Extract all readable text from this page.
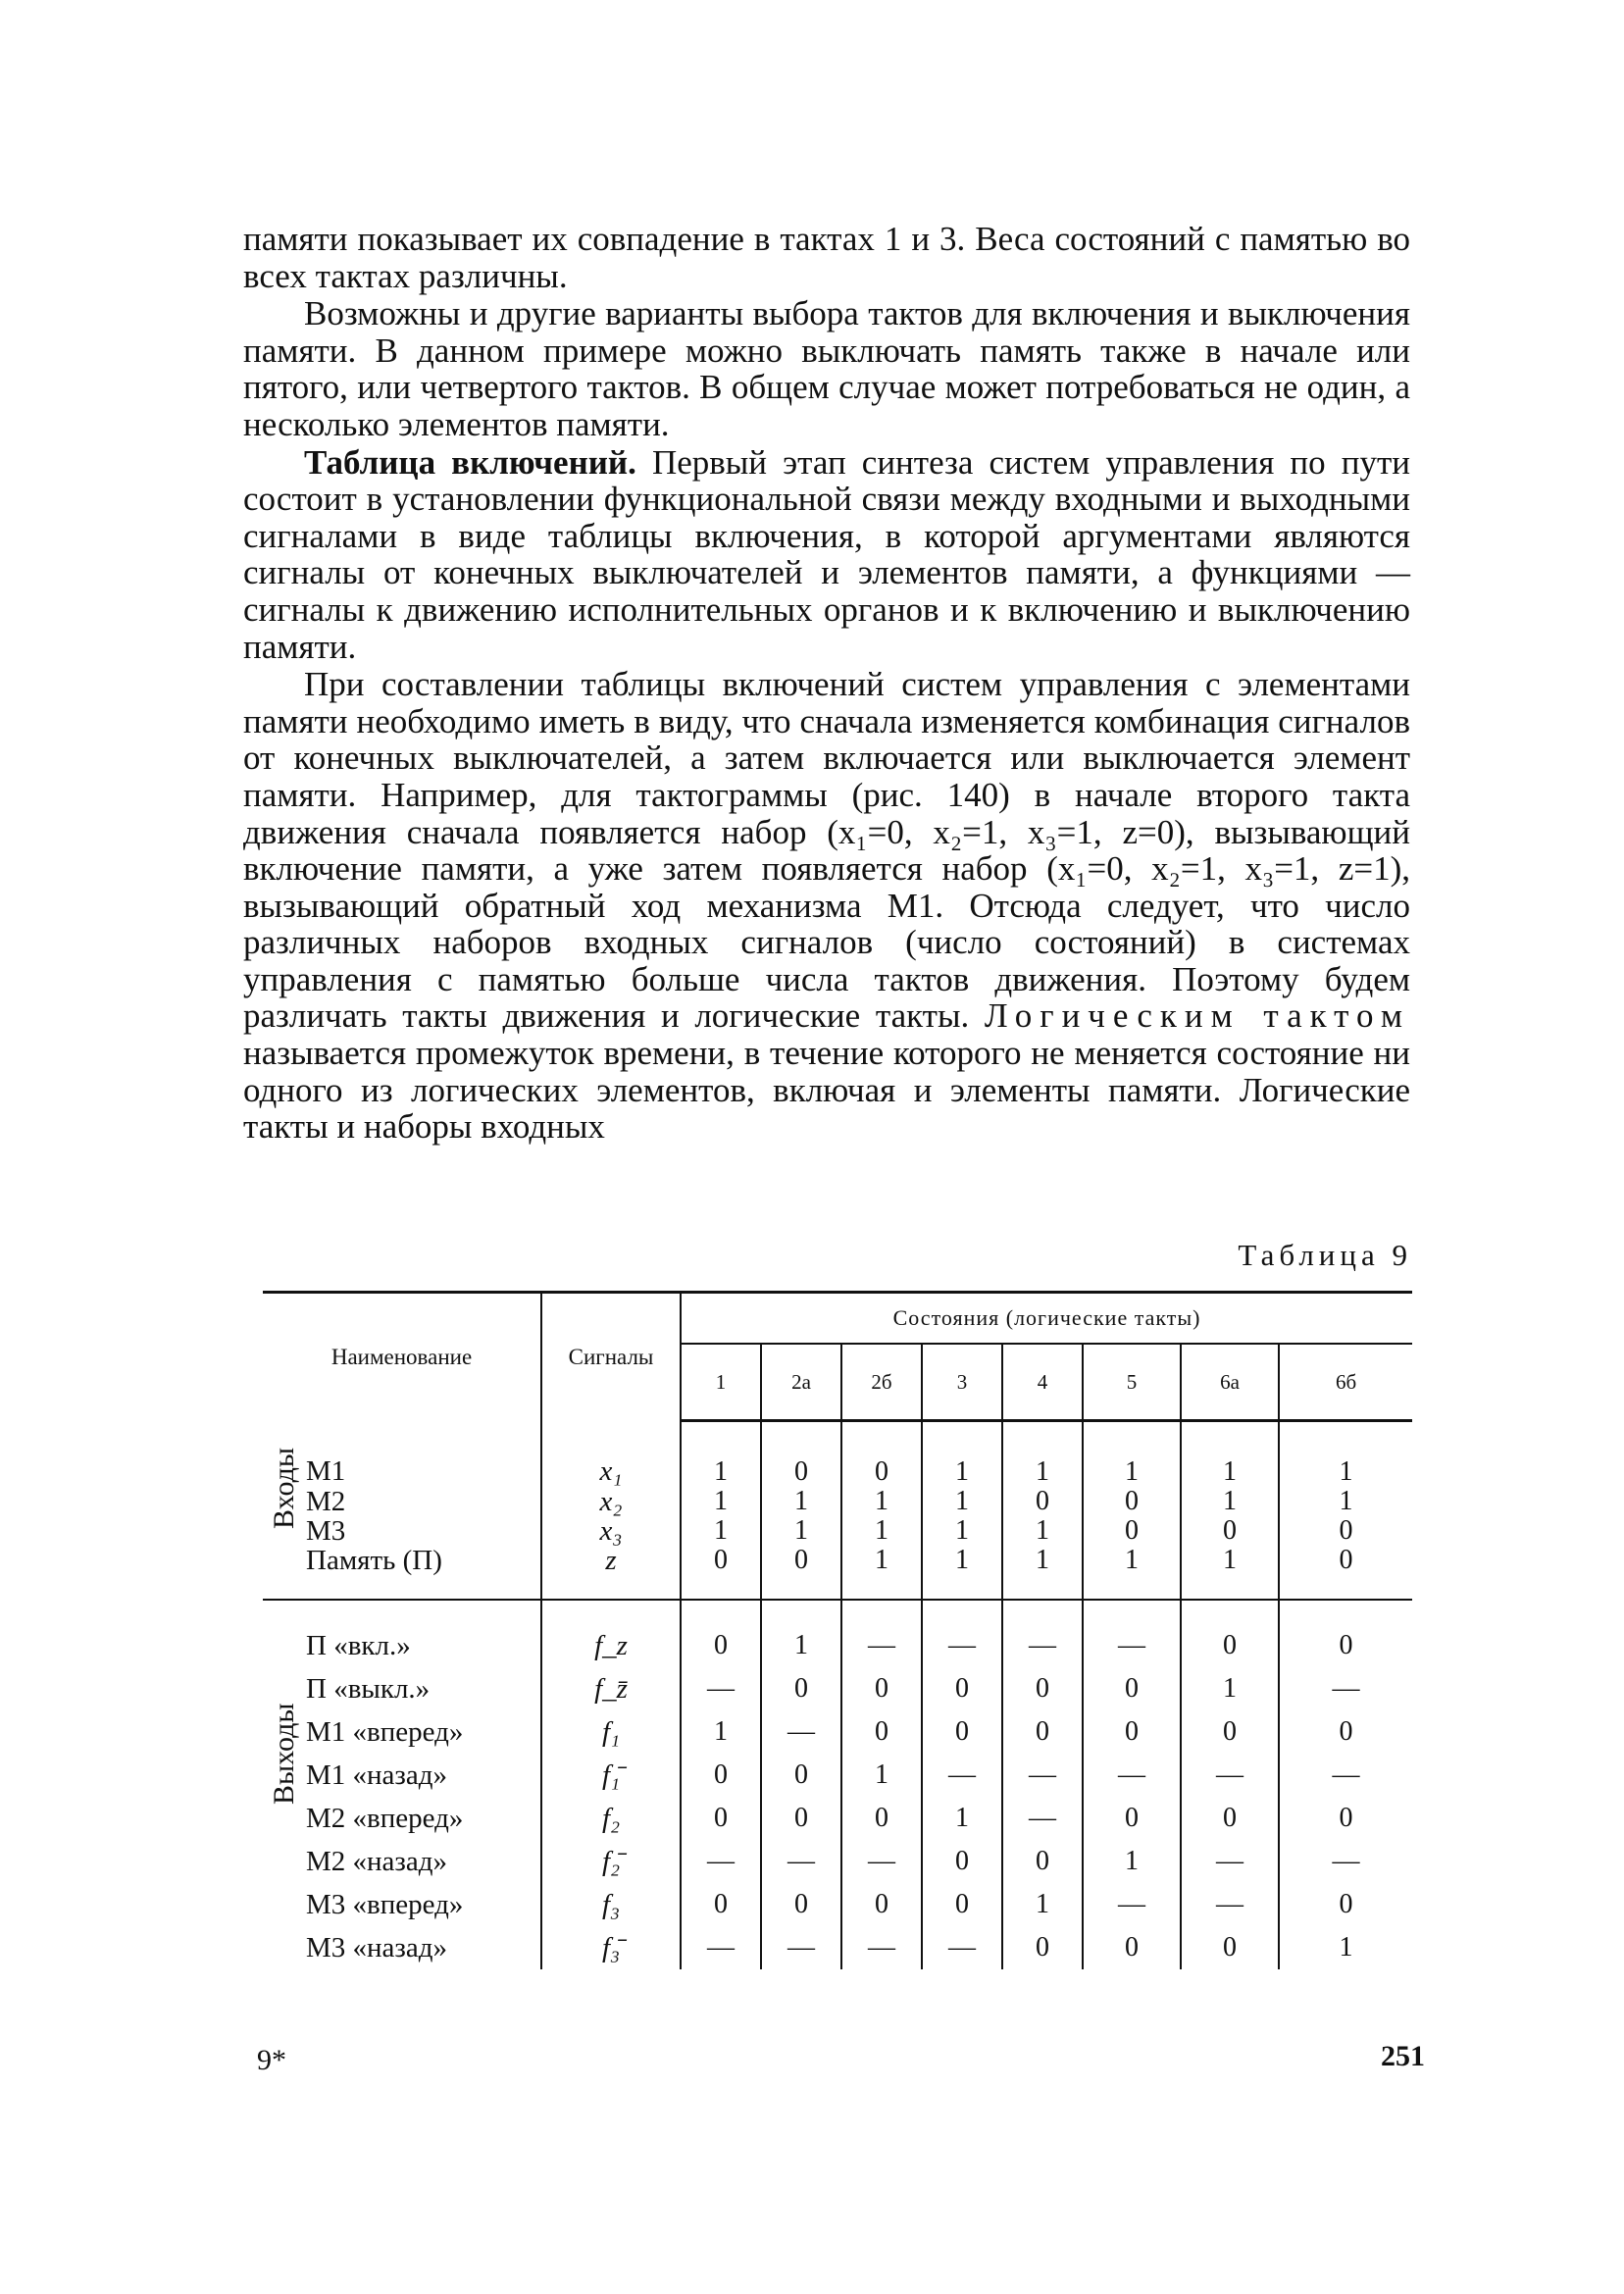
памяти показывает их совпадение в тактах 1 и 3. Веса состояний с памятью во всех тактах различны.

Возможны и другие варианты выбора тактов для включения и выключения памяти. В данном примере можно выключать память также в начале или пятого, или четвертого тактов. В общем случае может потребоваться не один, а несколько элементов памяти.

Таблица включений. Первый этап синтеза систем управления по пути состоит в установлении функциональной связи между входными и выходными сигналами в виде таблицы включения, в которой аргументами являются сигналы от конечных выключателей и элементов памяти, а функциями — сигналы к движению исполнительных органов и к включению и выключению памяти.

При составлении таблицы включений систем управления с элементами памяти необходимо иметь в виду, что сначала изменяется комбинация сигналов от конечных выключателей, а затем включается или выключается элемент памяти. Например, для тактограммы (рис. 140) в начале второго такта движения сначала появляется набор (x₁=0, x₂=1, x₃=1, z=0), вызывающий включение памяти, а уже затем появляется набор (x₁=0, x₂=1, x₃=1, z=1), вызывающий обратный ход механизма M1. Отсюда следует, что число различных наборов входных сигналов (число состояний) в системах управления с памятью больше числа тактов движения. Поэтому будем различать такты движения и логические такты. Логическим тактом называется промежуток времени, в течение которого не меняется состояние ни одного из логических элементов, включая и элементы памяти. Логические такты и наборы входных

Таблица 9
Наименование		Сигналы	Состояния (логические такты)							
			1	2а	2б	3	4	5	6а	6б

Входы	М1	x₁	1	0	0	1	1	1	1	1
	М2	x₂	1	1	1	1	0	0	1	1
	М3	x₃	1	1	1	1	1	0	0	0
	Память (П)	z	0	0	1	1	1	1	1	0

Выходы	П «вкл.»	f_z	0	1	—	—	—	—	0	0
	П «выкл.»	f_z̄	—	0	0	0	0	0	1	—
	М1 «вперед»	f₁	1	—	0	0	0	0	0	0
	М1 «назад»	f₁̄	0	0	1	—	—	—	—	—
	М2 «вперед»	f₂	0	0	0	1	—	0	0	0
	М2 «назад»	f₂̄	—	—	—	0	0	1	—	—
	М3 «вперед»	f₃	0	0	0	0	1	—	—	0
	М3 «назад»	f₃̄	—	—	—	—	0	0	0	1
9*	251
